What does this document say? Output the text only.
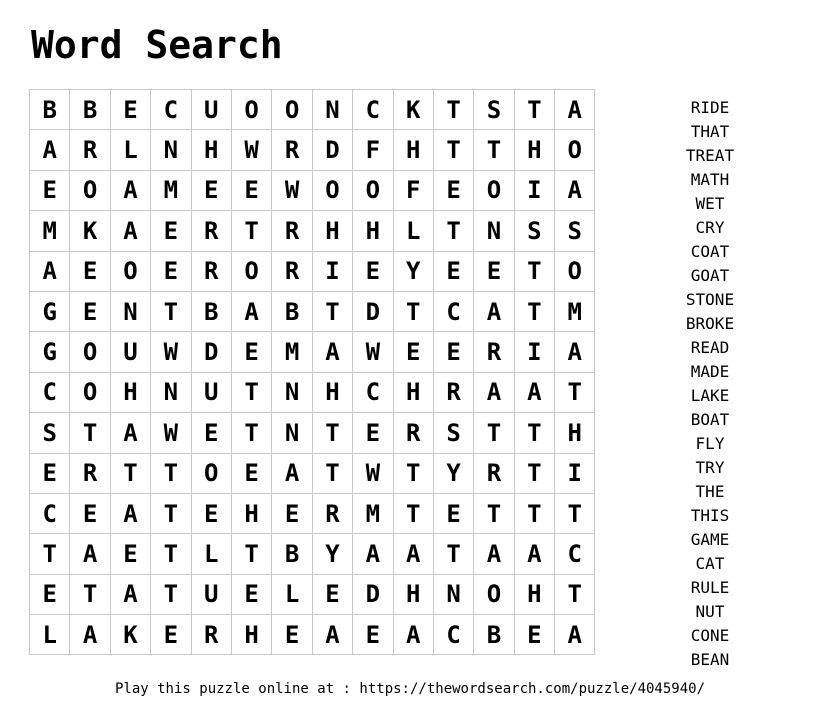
Word Search
B	B	E	C	U	O	O	N	C	K	T	S	T	A
A	R	L	N	H	W	R	D	F	H	T	T	H	O
E	O	A	M	E	E	W	O	O	F	E	O	I	A
M	K	A	E	R	T	R	H	H	L	T	N	S	S
A	E	O	E	R	O	R	I	E	Y	E	E	T	O
G	E	N	T	B	A	B	T	D	T	C	A	T	M
G	O	U	W	D	E	M	A	W	E	E	R	I	A
C	O	H	N	U	T	N	H	C	H	R	A	A	T
S	T	A	W	E	T	N	T	E	R	S	T	T	H
E	R	T	T	O	E	A	T	W	T	Y	R	T	I
C	E	A	T	E	H	E	R	M	T	E	T	T	T
T	A	E	T	L	T	B	Y	A	A	T	A	A	C
E	T	A	T	U	E	L	E	D	H	N	O	H	T
L	A	K	E	R	H	E	A	E	A	C	B	E	A
RIDE
THAT
TREAT
MATH
WET
CRY
COAT
GOAT
STONE
BROKE
READ
MADE
LAKE
BOAT
FLY
TRY
THE
THIS
GAME
CAT
RULE
NUT
CONE
BEAN
Play this puzzle online at : https://thewordsearch.com/puzzle/4045940/
